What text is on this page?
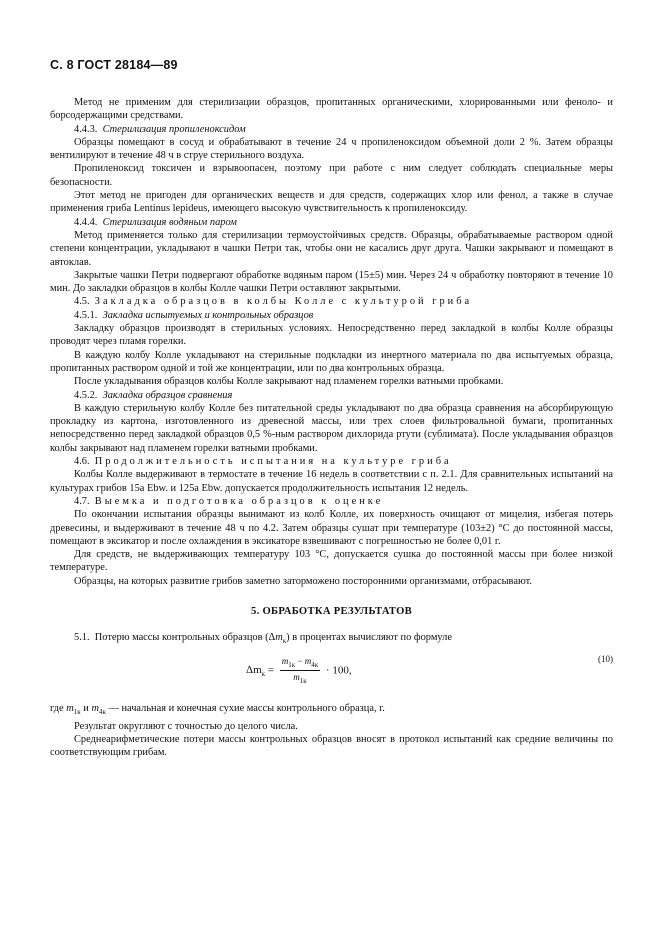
С. 8 ГОСТ 28184—89

Метод не применим для стерилизации образцов, пропитанных органическими, хлорированными или феноло- и борсодержащими средствами.

4.4.3. Стерилизация пропиленоксидом

Образцы помещают в сосуд и обрабатывают в течение 24 ч пропиленоксидом объемной доли 2 %. Затем образцы вентилируют в течение 48 ч в струе стерильного воздуха.

Пропиленоксид токсичен и взрывоопасен, поэтому при работе с ним следует соблюдать специальные меры безопасности.

Этот метод не пригоден для органических веществ и для средств, содержащих хлор или фенол, а также в случае применения гриба Lentinus lepideus, имеющего высокую чувствительность к пропиленоксиду.

4.4.4. Стерилизация водяным паром

Метод применяется только для стерилизации термоустойчивых средств. Образцы, обрабатываемые раствором одной степени концентрации, укладывают в чашки Петри так, чтобы они не касались друг друга. Чашки закрывают и помещают в автоклав.

Закрытые чашки Петри подвергают обработке водяным паром (15±5) мин. Через 24 ч обработку повторяют в течение 10 мин. До закладки образцов в колбы Колле чашки Петри оставляют закрытыми.

4.5. Закладка образцов в колбы Колле с культурой гриба

4.5.1. Закладка испытуемых и контрольных образцов

Закладку образцов производят в стерильных условиях. Непосредственно перед закладкой в колбы Колле образцы проводят через пламя горелки.

В каждую колбу Колле укладывают на стерильные подкладки из инертного материала по два испытуемых образца, пропитанных раствором одной и той же концентрации, или по два контрольных образца.

После укладывания образцов колбы Колле закрывают над пламенем горелки ватными пробками.

4.5.2. Закладка образцов сравнения

В каждую стерильную колбу Колле без питательной среды укладывают по два образца сравнения на абсорбирующую прокладку из картона, изготовленного из древесной массы, или трех слоев фильтровальной бумаги, пропитанных непосредственно перед закладкой образцов 0,5 %-ным раствором дихлорида ртути (сублимата). После укладывания образцов колбы закрывают над пламенем горелки ватными пробками.

4.6. Продолжительность испытания на культуре гриба

Колбы Колле выдерживают в термостате в течение 16 недель в соответствии с п. 2.1. Для сравнительных испытаний на культурах грибов 15а Ebw. и 125а Ebw. допускается продолжительность испытания 12 недель.

4.7. Выемка и подготовка образцов к оценке

По окончании испытания образцы вынимают из колб Колле, их поверхность очищают от мицелия, избегая потерь древесины, и выдерживают в течение 48 ч по 4.2. Затем образцы сушат при температуре (103±2) °С до постоянной массы, помещают в эксикатор и после охлаждения в эксикаторе взвешивают с погрешностью не более 0,01 г.

Для средств, не выдерживающих температуру 103 °С, допускается сушка до постоянной массы при более низкой температуре.

Образцы, на которых развитие грибов заметно заторможено посторонними организмами, отбрасывают.

5. ОБРАБОТКА РЕЗУЛЬТАТОВ

5.1. Потерю массы контрольных образцов $(\Delta m_к)$ в процентах вычисляют по формуле

$\Delta m_к = \frac{m_{1к} - m_{4к}}{m_{1к}} \cdot 100$,
(10)

где $m_{1к}$ и $m_{4к}$ — начальная и конечная сухие массы контрольного образца, г.

Результат округляют с точностью до целого числа.

Среднеарифметические потери массы контрольных образцов вносят в протокол испытаний как средние величины по соответствующим грибам.
